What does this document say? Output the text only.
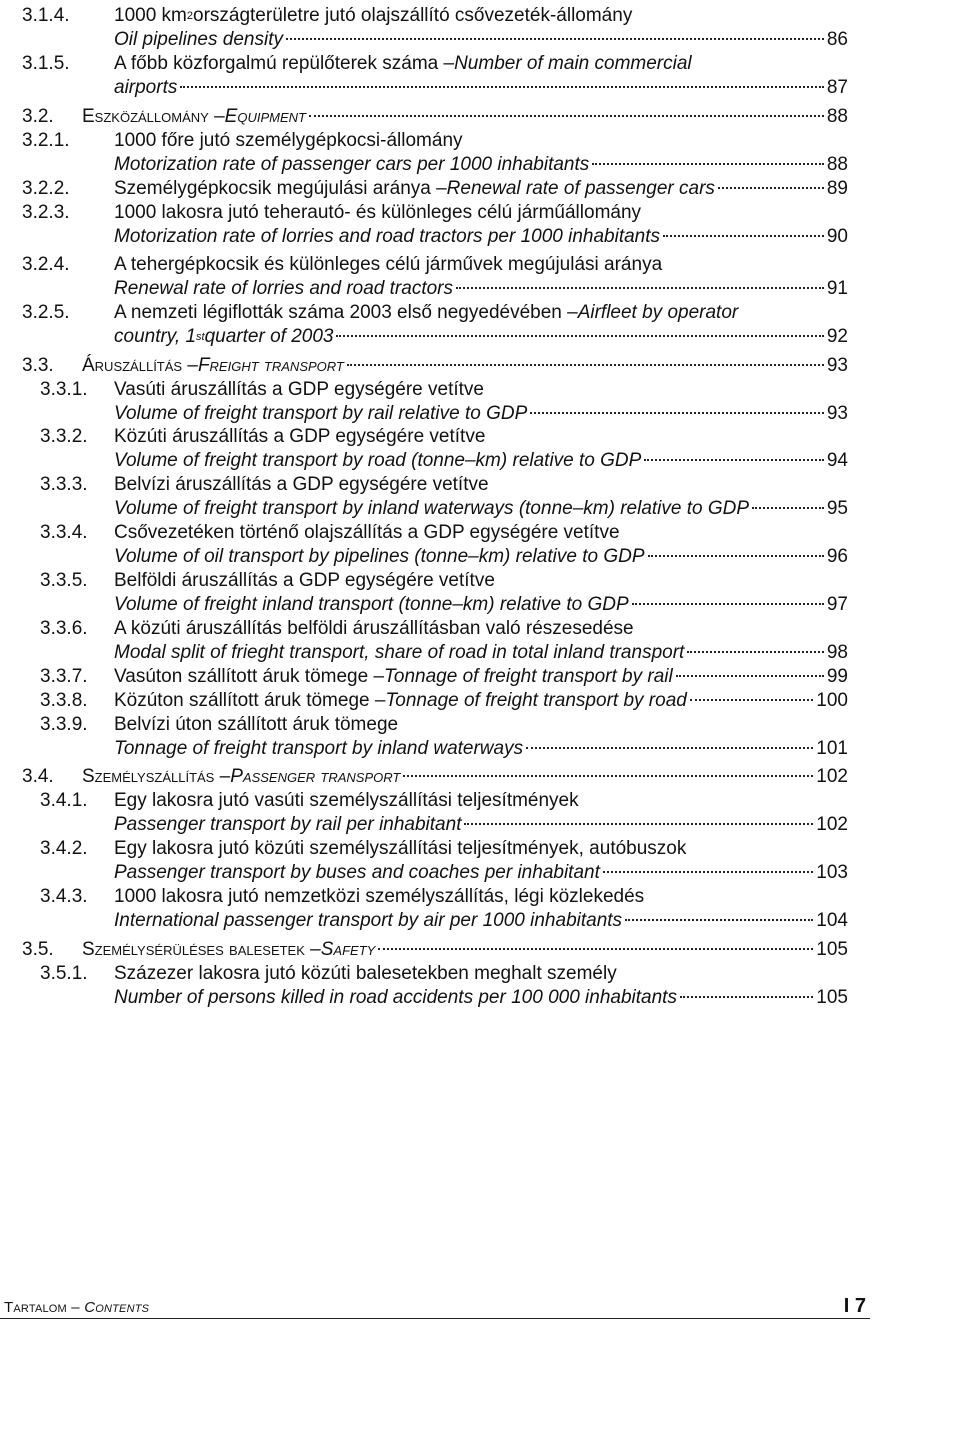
3.1.4. 1000 $km^2$ országterületre jutó olajszállító csővezeték-állomány
Oil pipelines density	86
3.1.5. A főbb közforgalmú repülőterek száma – Number of main commercial
airports	87
3.2. Eszközállomány – Equipment	88
3.2.1. 1000 főre jutó személygépkocsi-állomány
Motorization rate of passenger cars per 1000 inhabitants	88
3.2.2. Személygépkocsik megújulási aránya – Renewal rate of passenger cars	89
3.2.3. 1000 lakosra jutó teherautó- és különleges célú járműállomány
Motorization rate of lorries and road tractors per 1000 inhabitants	90
3.2.4. A tehergépkocsik és különleges célú járművek megújulási aránya
Renewal rate of lorries and road tractors	91
3.2.5. A nemzeti légiflották száma 2003 első negyedévében – Airfleet by operator
country, 1st quarter of 2003	92
3.3. Áruszállítás – Freight transport	93
3.3.1. Vasúti áruszállítás a GDP egységére vetítve
Volume of freight transport by rail relative to GDP	93
3.3.2. Közúti áruszállítás a GDP egységére vetítve
Volume of freight transport by road (tonne–km) relative to GDP	94
3.3.3. Belvízi áruszállítás a GDP egységére vetítve
Volume of freight transport by inland waterways (tonne–km) relative to GDP	95
3.3.4. Csővezetéken történő olajszállítás a GDP egységére vetítve
Volume of oil transport by pipelines (tonne–km) relative to GDP	96
3.3.5. Belföldi áruszállítás a GDP egységére vetítve
Volume of freight inland transport (tonne–km) relative to GDP	97
3.3.6. A közúti áruszállítás belföldi áruszállításban való részesedése
Modal split of frieght transport, share of road in total inland transport	98
3.3.7. Vasúton szállított áruk tömege – Tonnage of freight transport by rail	99
3.3.8. Közúton szállított áruk tömege – Tonnage of freight transport by road	100
3.3.9. Belvízi úton szállított áruk tömege
Tonnage of freight transport by inland waterways	101
3.4. Személyszállítás – Passenger transport	102
3.4.1. Egy lakosra jutó vasúti személyszállítási teljesítmények
Passenger transport by rail per inhabitant	102
3.4.2. Egy lakosra jutó közúti személyszállítási teljesítmények, autóbuszok
Passenger transport by buses and coaches per inhabitant	103
3.4.3. 1000 lakosra jutó nemzetközi személyszállítás, légi közlekedés
International passenger transport by air per 1000 inhabitants	104
3.5. Személysérüléses balesetek – Safety	105
3.5.1. Százezer lakosra jutó közúti balesetekben meghalt személy
Number of persons killed in road accidents per 100 000 inhabitants	105
Tartalom – Contents	I 7
